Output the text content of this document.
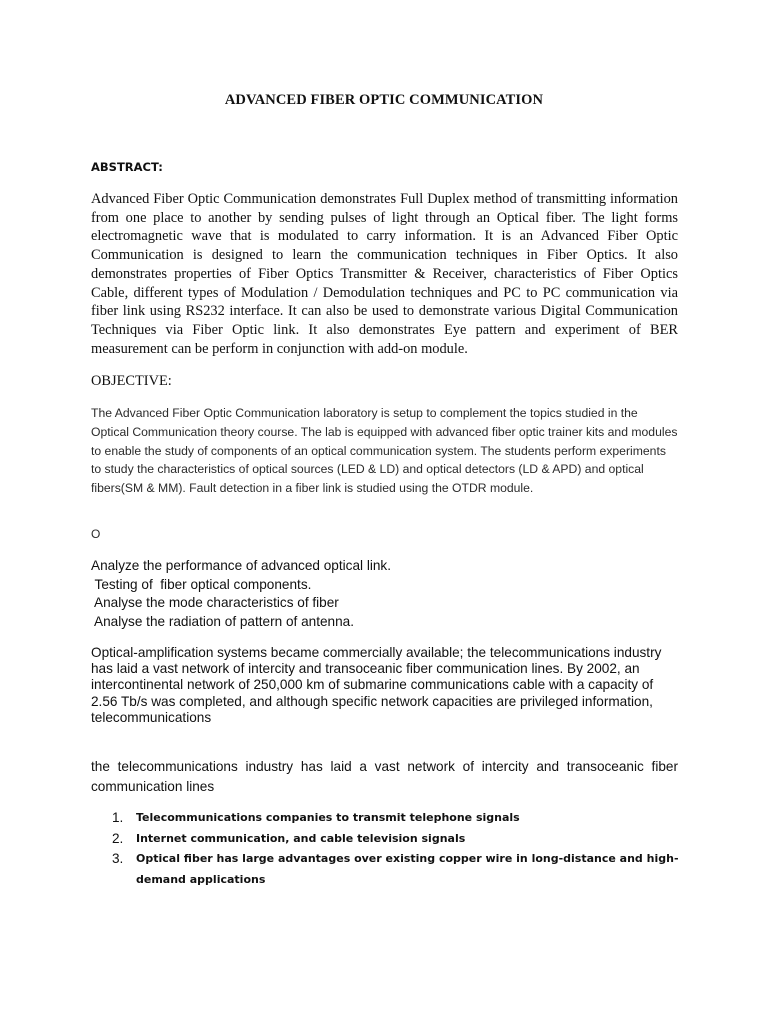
ADVANCED FIBER OPTIC COMMUNICATION
ABSTRACT:
Advanced Fiber Optic Communication demonstrates Full Duplex method of transmitting information from one place to another by sending pulses of light through an Optical fiber. The light forms electromagnetic wave that is modulated to carry information. It is an Advanced Fiber Optic Communication is designed to learn the communication techniques in Fiber Optics. It also demonstrates properties of Fiber Optics Transmitter & Receiver, characteristics of Fiber Optics Cable, different types of Modulation / Demodulation techniques and PC to PC communication via fiber link using RS232 interface. It can also be used to demonstrate various Digital Communication Techniques via Fiber Optic link. It also demonstrates Eye pattern and experiment of BER measurement can be perform in conjunction with add-on module.
OBJECTIVE:
The Advanced Fiber Optic Communication laboratory is setup to complement the topics studied in the Optical Communication theory course. The lab is equipped with advanced fiber optic trainer kits and modules to enable the study of components of an optical communication system. The students perform experiments to study the characteristics of optical sources (LED & LD) and optical detectors (LD & APD) and optical fibers(SM & MM). Fault detection in a fiber link is studied using the OTDR module.
O
Analyze the performance of advanced optical link.
Testing of  fiber optical components.
Analyse the mode characteristics of fiber
Analyse the radiation of pattern of antenna.
Optical-amplification systems became commercially available; the telecommunications industry has laid a vast network of intercity and transoceanic fiber communication lines. By 2002, an intercontinental network of 250,000 km of submarine communications cable with a capacity of 2.56 Tb/s was completed, and although specific network capacities are privileged information, telecommunications
the telecommunications industry has laid a vast network of intercity and transoceanic fiber communication lines
1. Telecommunications companies to transmit telephone signals
2. Internet communication, and cable television signals
3. Optical fiber has large advantages over existing copper wire in long-distance and high-demand applications
